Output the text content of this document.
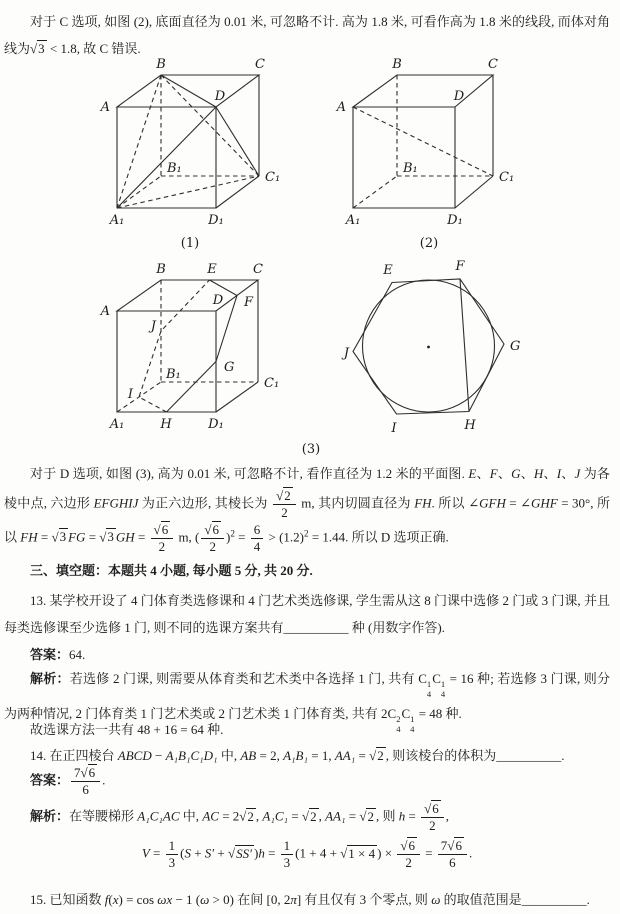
对于 C 选项, 如图 (2), 底面直径为 0.01 米, 可忽略不计. 高为 1.8 米, 可看作高为 1.8 米的线段, 而体对角线为√3 < 1.8, 故 C 错误.

A
B	C
D
B₁
C₁
A₁	D₁
(1)
A
B	C
D
B₁
C₁
A₁	D₁
(2)
A
B	C
D
E
F
G
J
I
H
B₁
C₁
A₁	D₁
(3)
E	F
G
H
I
J

对于 D 选项, 如图 (3), 高为 0.01 米, 可忽略不计, 看作直径为 1.2 米的平面图. E、F、G、H、I、J 为各棱中点, 六边形 EFGHIJ 为正六边形, 其棱长为 $\frac{√2}{2} m$, 其内切圆直径为 FH. 所以 ∠GFH = ∠GHF = 30°, 所以 FH = √3 FG = √3 GH = $\frac{√6}{2} m$, ( $\frac{√6}{2} )^2 = \frac{6}{4} > (1.2)^2 = 1.44$. 所以 D 选项正确.

三、填空题：本题共 4 小题, 每小题 5 分, 共 20 分.

13. 某学校开设了 4 门体育类选修课和 4 门艺术类选修课, 学生需从这 8 门课中选修 2 门或 3 门课, 并且每类选修课至少选修 1 门, 则不同的选课方案共有__________ 种 (用数字作答).

答案：64.

解析：若选修 2 门课, 则需要从体育类和艺术类中各选择 1 门, 共有 C 1
4
C 1
4
= 16 种; 若选修 3 门课, 则分为两种情况, 2 门体育类 1 门艺术类或 2 门艺术类 1 门体育类, 共有 2C 2
4
C 1
4
= 48 种.

故选课方法一共有 48 + 16 = 64 种.

14. 在正四棱台 ABCD − A₁B₁C₁D₁ 中, AB = 2, A₁B₁ = 1, AA₁ = √2 , 则该棱台的体积为__________.

答案： $\frac{7√6}{6}$ .

解析：在等腰梯形 A₁C₁AC 中, AC = 2√2 , A₁C₁ = √2 , AA₁ = √2 , 则 $h = \frac{√6}{2}$ ,

$V = \frac{1}{3} (S + S' + √SS'$ )$h = \frac{1}{3} (1 + 4 + √1 \times 4$ ) × $\frac{√6}{2} = \frac{7√6}{6}$ .

15. 已知函数 f(x) = cos ωx − 1 (ω > 0) 在间 [0, 2π] 有且仅有 3 个零点, 则 ω 的取值范围是__________.
